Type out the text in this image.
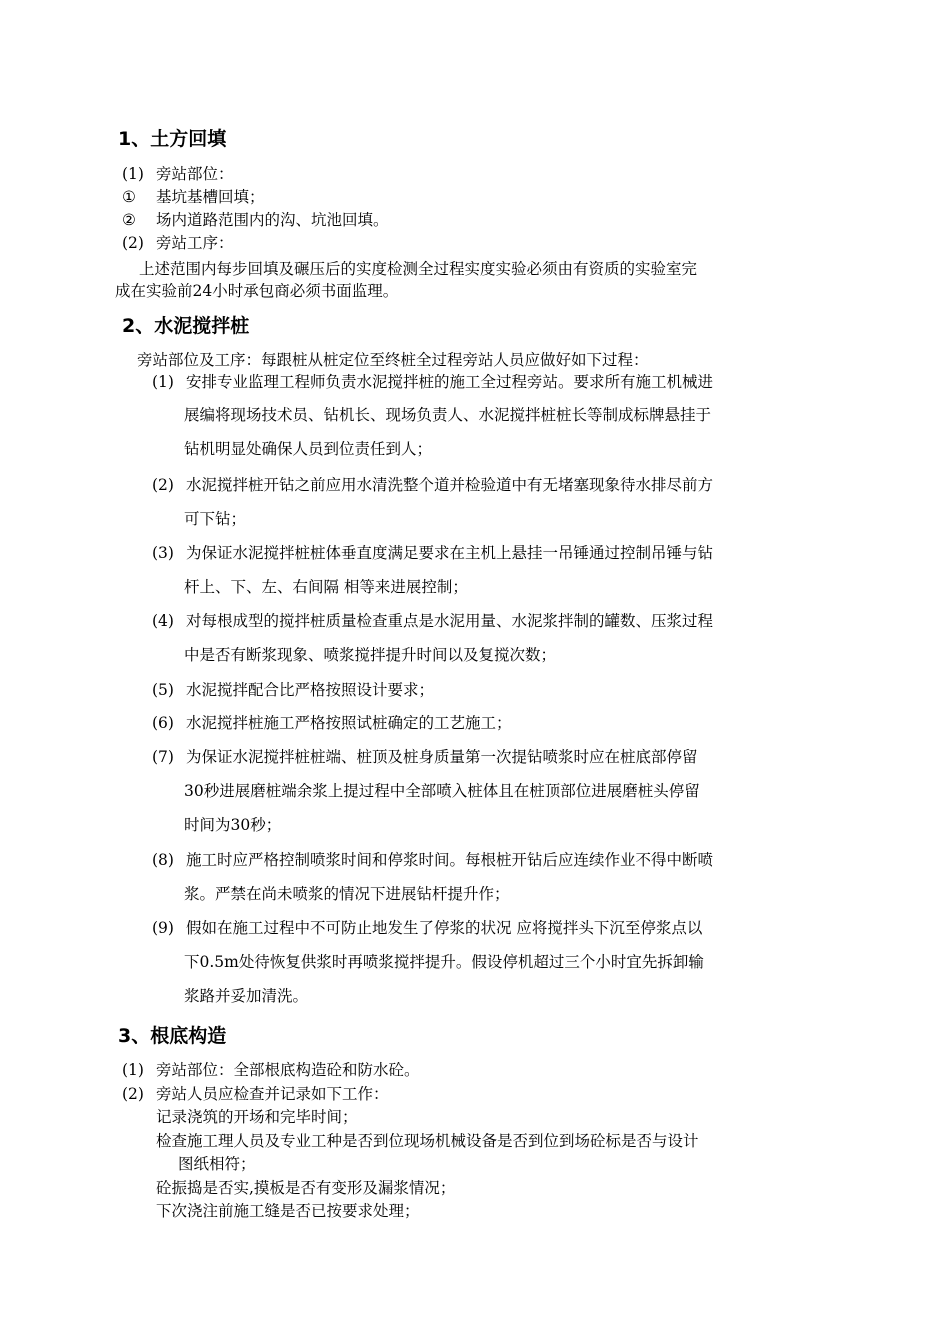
1、土方回填
(1) 旁站部位：
① 基坑基槽回填；
② 场内道路范围内的沟、坑池回填。
(2) 旁站工序：
上述范围内每步回填及碾压后的实度检测全过程实度实验必须由有资质的实验室完
成在实验前24小时承包商必须书面监理。
2、水泥搅拌桩
旁站部位及工序：每跟桩从桩定位至终桩全过程旁站人员应做好如下过程：
(1) 安排专业监理工程师负责水泥搅拌桩的施工全过程旁站。要求所有施工机械进
展编将现场技术员、钻机长、现场负责人、水泥搅拌桩桩长等制成标牌悬挂于
钻机明显处确保人员到位责任到人；
(2) 水泥搅拌桩开钻之前应用水清洗整个道并检验道中有无堵塞现象待水排尽前方
可下钻；
(3) 为保证水泥搅拌桩桩体垂直度满足要求在主机上悬挂一吊锤通过控制吊锤与钻
杆上、下、左、右间隔 相等来进展控制；
(4) 对每根成型的搅拌桩质量检查重点是水泥用量、水泥浆拌制的罐数、压浆过程
中是否有断浆现象、喷浆搅拌提升时间以及复搅次数；
(5) 水泥搅拌配合比严格按照设计要求；
(6) 水泥搅拌桩施工严格按照试桩确定的工艺施工；
(7) 为保证水泥搅拌桩桩端、桩顶及桩身质量第一次提钻喷浆时应在桩底部停留
30秒进展磨桩端余浆上提过程中全部喷入桩体且在桩顶部位进展磨桩头停留
时间为30秒；
(8) 施工时应严格控制喷浆时间和停浆时间。每根桩开钻后应连续作业不得中断喷
浆。严禁在尚未喷浆的情况下进展钻杆提升作；
(9) 假如在施工过程中不可防止地发生了停浆的状况 应将搅拌头下沉至停浆点以
下0.5m处待恢复供浆时再喷浆搅拌提升。假设停机超过三个小时宜先拆卸输
浆路并妥加清洗。
3、根底构造
(1) 旁站部位：全部根底构造砼和防水砼。
(2) 旁站人员应检查并记录如下工作：
记录浇筑的开场和完毕时间；
检查施工理人员及专业工种是否到位现场机械设备是否到位到场砼标是否与设计
图纸相符；
砼振捣是否实,摸板是否有变形及漏浆情况；
下次浇注前施工缝是否已按要求处理；
